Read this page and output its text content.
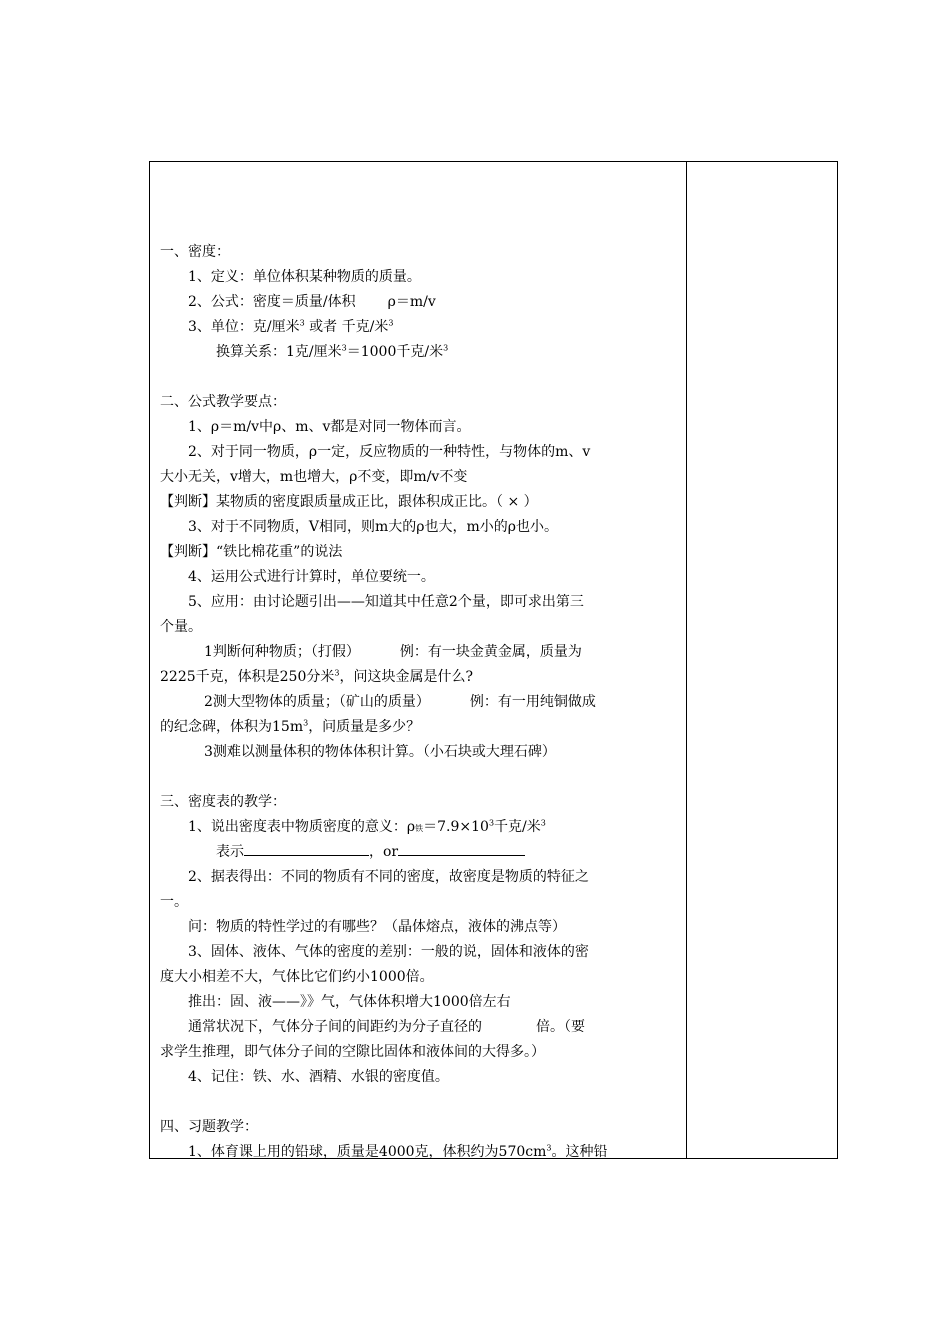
一、密度：
1、定义：单位体积某种物质的质量。
2、公式：密度＝质量/体积 ρ＝m/v
3、单位：克/厘米$^3$ 或者 千克/米$^3$
换算关系：1克/厘米$^3$＝1000千克/米$^3$
二、公式教学要点：
1、ρ＝m/v中ρ、m、v都是对同一物体而言。
2、对于同一物质，ρ一定，反应物质的一种特性，与物体的m、v
大小无关，v增大，m也增大，ρ不变，即m/v不变
【判断】某物质的密度跟质量成正比，跟体积成正比。（ × ）
3、对于不同物质，V相同，则m大的ρ也大，m小的ρ也小。
【判断】“铁比棉花重”的说法
4、运用公式进行计算时，单位要统一。
5、应用：由讨论题引出——知道其中任意2个量，即可求出第三
个量。
1判断何种物质；（打假）	例：有一块金黄金属，质量为
2225千克，体积是250分米$^3$，问这块金属是什么?
2测大型物体的质量；（矿山的质量）	例：有一用纯铜做成
的纪念碑，体积为$15m^3$，问质量是多少？
3测难以测量体积的物体体积计算。（小石块或大理石碑）
三、密度表的教学：
1、说出密度表中物质密度的意义：ρ铁$=7.9\times 10^3$千克/米$^3$
表示	，or
2、据表得出：不同的物质有不同的密度，故密度是物质的特征之
一。
问：物质的特性学过的有哪些？（晶体熔点，液体的沸点等）
3、固体、液体、气体的密度的差别：一般的说，固体和液体的密
度大小相差不大，气体比它们约小1000倍。
推出：固、液——》》气，气体体积增大1000倍左右
通常状况下，气体分子间的间距约为分子直径的	倍。（要
求学生推理，即气体分子间的空隙比固体和液体间的大得多。）
4、记住：铁、水、酒精、水银的密度值。
四、习题教学：
1、体育课上用的铅球，质量是4000克，体积约为$570cm^3$。这种铅
